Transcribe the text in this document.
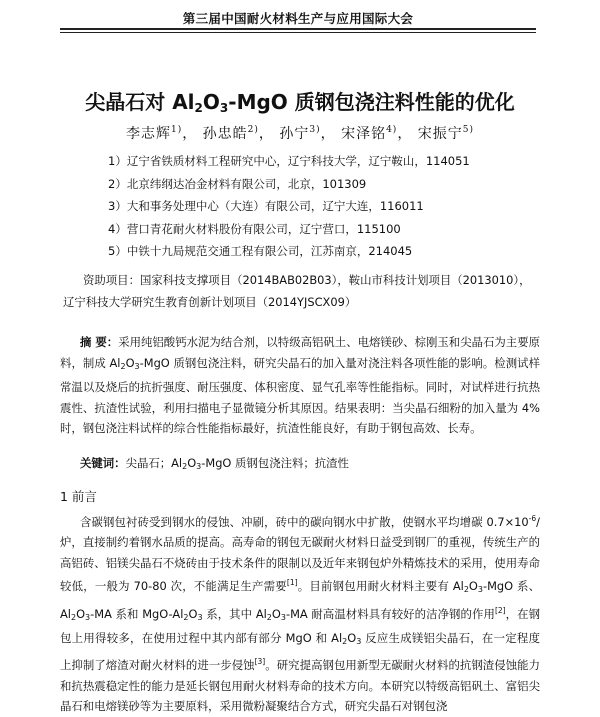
第三届中国耐火材料生产与应用国际大会
尖晶石对 $Al_2O_3$-MgO 质钢包浇注料性能的优化
李志辉$^{1)}$， 孙忠皓$^{2)}$， 孙宁$^{3)}$， 宋泽铭$^{4)}$， 宋振宁$^{5)}$
1）辽宁省铁质材料工程研究中心，辽宁科技大学，辽宁鞍山，114051
2）北京纬纲达冶金材料有限公司，北京，101309
3）大和事务处理中心（大连）有限公司，辽宁大连，116011
4）营口青花耐火材料股份有限公司，辽宁营口，115100
5）中铁十九局规范交通工程有限公司，江苏南京，214045

资助项目：国家科技支撑项目（2014BAB02B03），鞍山市科技计划项目（2013010），辽宁科技大学研究生教育创新计划项目（2014YJSCX09）

摘 要：采用纯铝酸钙水泥为结合剂，以特级高铝矾土、电熔镁砂、棕刚玉和尖晶石为主要原料，制成 $Al_2O_3$-MgO 质钢包浇注料，研究尖晶石的加入量对浇注料各项性能的影响。检测试样常温以及烧后的抗折强度、耐压强度、体积密度、显气孔率等性能指标。同时，对试样进行抗热震性、抗渣性试验，利用扫描电子显微镜分析其原因。结果表明：当尖晶石细粉的加入量为 4%时，钢包浇注料试样的综合性能指标最好，抗渣性能良好，有助于钢包高效、长寿。

关键词：尖晶石；$Al_2O_3$-MgO 质钢包浇注料；抗渣性

1 前言

含碳钢包衬砖受到钢水的侵蚀、冲刷，砖中的碳向钢水中扩散，使钢水平均增碳 $0.7\times 10^{-6}/$炉，直接制约着钢水品质的提高。高寿命的钢包无碳耐火材料日益受到钢厂的重视，传统生产的高铝砖、铝镁尖晶石不烧砖由于技术条件的限制以及近年来钢包炉外精炼技术的采用，使用寿命较低，一般为 70-80 次，不能满足生产需要[1]。目前钢包用耐火材料主要有 $Al_2O_3$-MgO 系、$Al_2O_3-MA$ 系和 MgO-$Al_2O_3$ 系，其中 $Al_2O_3-MA$ 耐高温材料具有较好的洁净钢的作用[2]，在钢包上用得较多，在使用过程中其内部有部分 MgO 和 $Al_2O_3$ 反应生成镁铝尖晶石，在一定程度上抑制了熔渣对耐火材料的进一步侵蚀[3]。研究提高钢包用新型无碳耐火材料的抗钢渣侵蚀能力和抗热震稳定性的能力是延长钢包用耐火材料寿命的技术方向。本研究以特级高铝矾土、富铝尖晶石和电熔镁砂等为主要原料，采用微粉凝聚结合方式，研究尖晶石对钢包浇
